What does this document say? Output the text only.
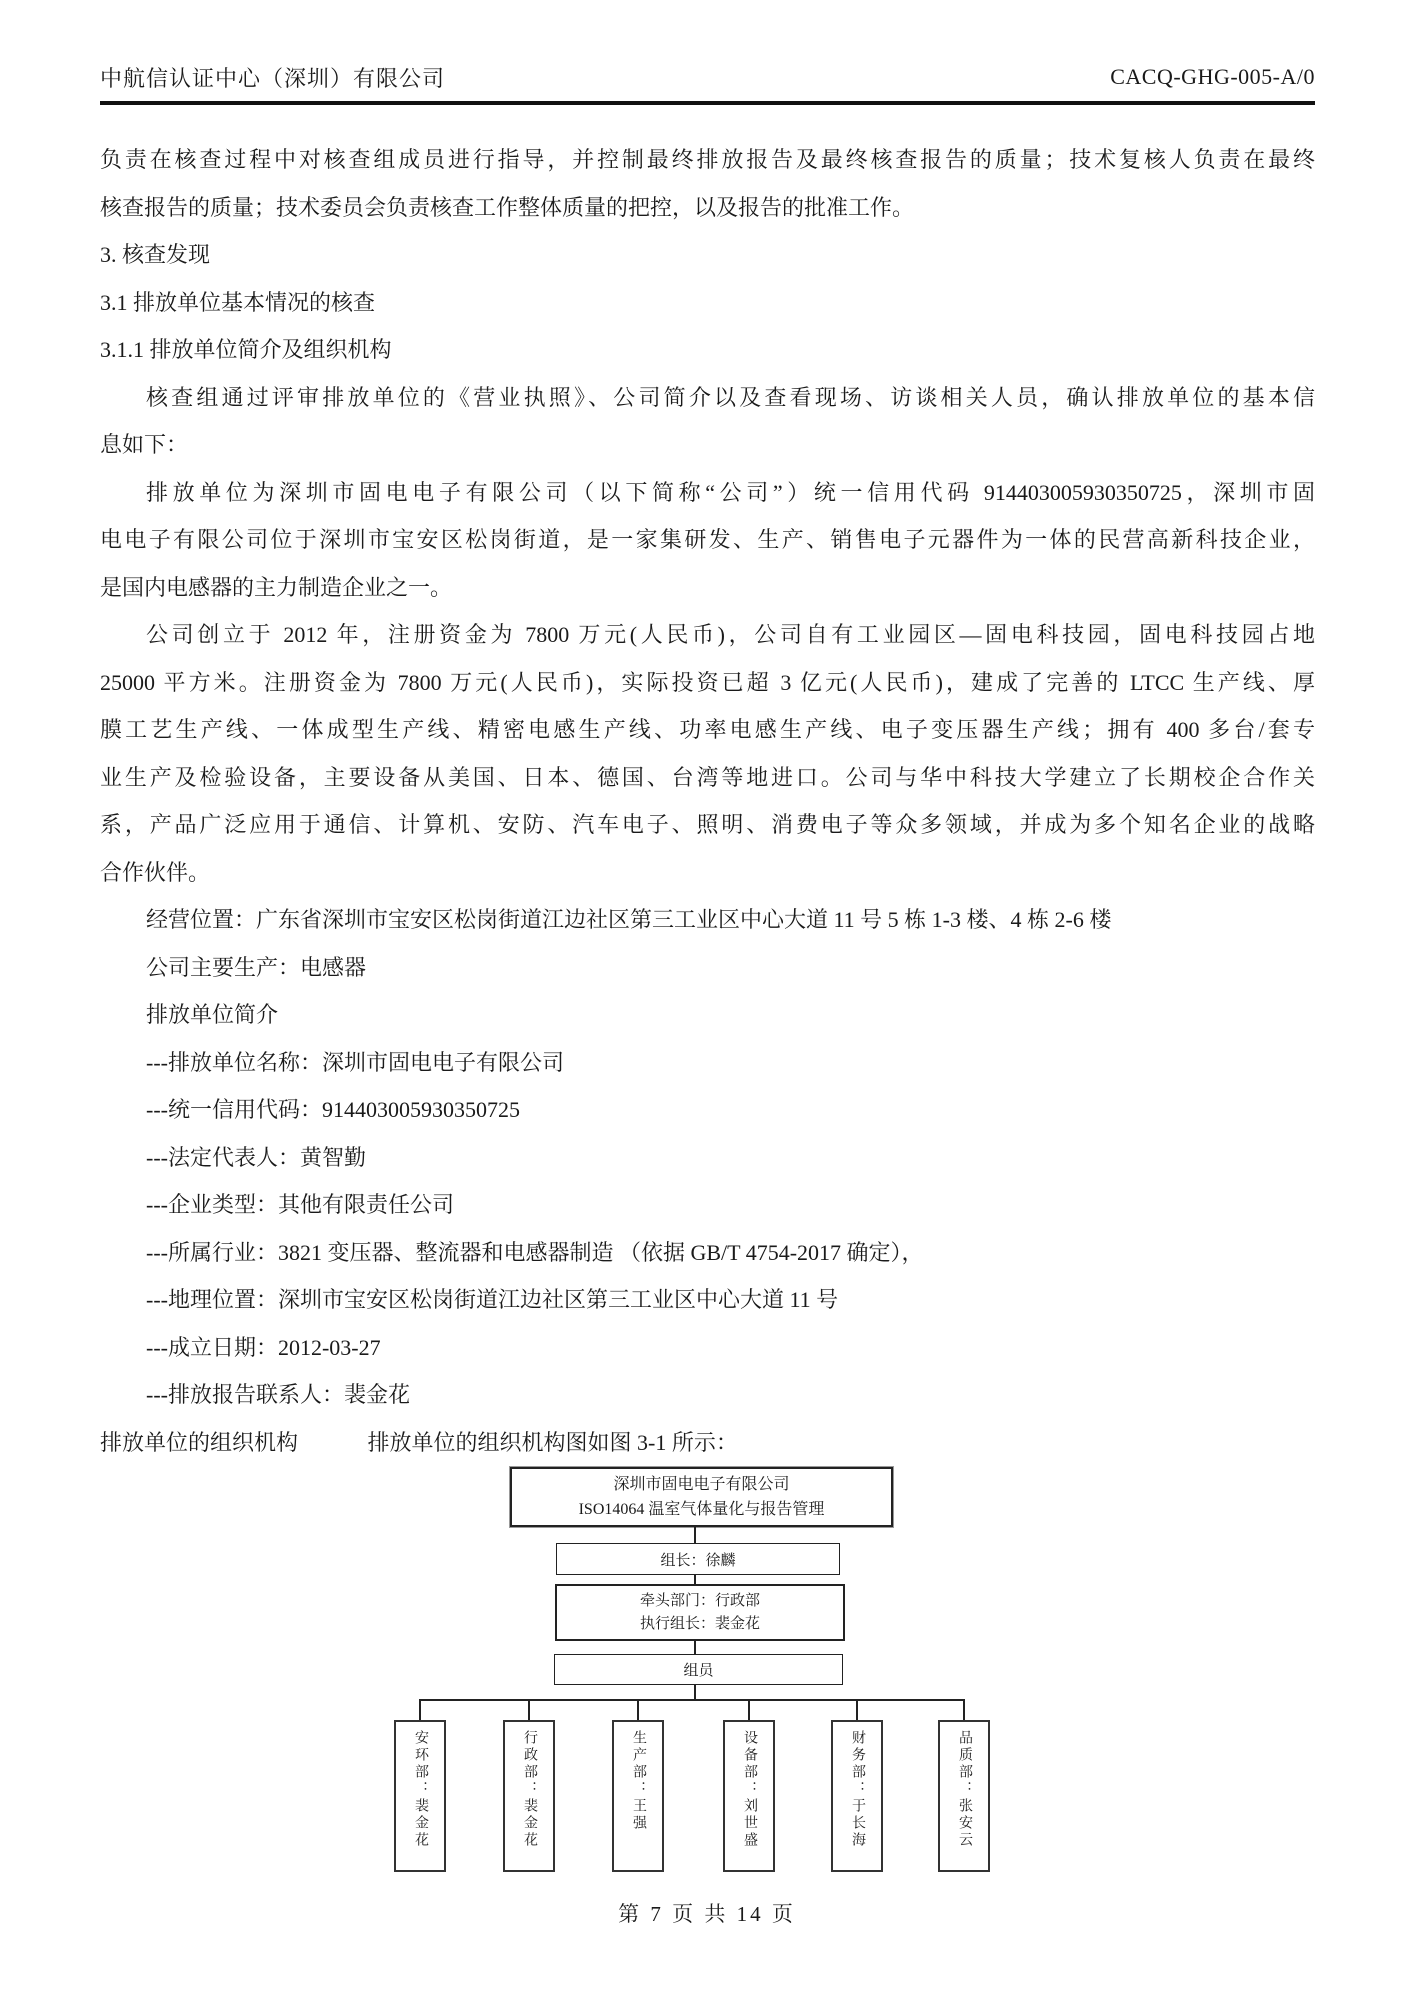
中航信认证中心（深圳）有限公司	CACQ-GHG-005-A/0
负责在核查过程中对核查组成员进行指导，并控制最终排放报告及最终核查报告的质量；技术复核人负责在最终
核查报告的质量；技术委员会负责核查工作整体质量的把控，以及报告的批准工作。
3. 核查发现
3.1 排放单位基本情况的核查
3.1.1 排放单位简介及组织机构
核查组通过评审排放单位的《营业执照》、公司简介以及查看现场、访谈相关人员，确认排放单位的基本信
息如下：
排放单位为深圳市固电电子有限公司（以下简称“公司”）统一信用代码 914403005930350725，深圳市固
电电子有限公司位于深圳市宝安区松岗街道，是一家集研发、生产、销售电子元器件为一体的民营高新科技企业，
是国内电感器的主力制造企业之一。
公司创立于 2012 年，注册资金为 7800 万元(人民币)，公司自有工业园区—固电科技园，固电科技园占地
25000 平方米。注册资金为 7800 万元(人民币)，实际投资已超 3 亿元(人民币)，建成了完善的 LTCC 生产线、厚
膜工艺生产线、一体成型生产线、精密电感生产线、功率电感生产线、电子变压器生产线；拥有 400 多台/套专
业生产及检验设备，主要设备从美国、日本、德国、台湾等地进口。公司与华中科技大学建立了长期校企合作关
系，产品广泛应用于通信、计算机、安防、汽车电子、照明、消费电子等众多领域，并成为多个知名企业的战略
合作伙伴。
经营位置：广东省深圳市宝安区松岗街道江边社区第三工业区中心大道 11 号 5 栋 1-3 楼、4 栋 2-6 楼
公司主要生产：电感器
排放单位简介
---排放单位名称：深圳市固电电子有限公司
---统一信用代码：914403005930350725
---法定代表人：黄智勤
---企业类型：其他有限责任公司
---所属行业：3821 变压器、整流器和电感器制造 （依据 GB/T 4754-2017 确定），
---地理位置：深圳市宝安区松岗街道江边社区第三工业区中心大道 11 号
---成立日期：2012-03-27
---排放报告联系人：裴金花
排放单位的组织机构	排放单位的组织机构图如图 3-1 所示：
深圳市固电电子有限公司
ISO14064 温室气体量化与报告管理
组长：徐麟
牵头部门：行政部
执行组长：裴金花
组员
安环部：裴金花	行政部：裴金花	生产部：王强	设备部：刘世盛	财务部：于长海	品质部：张安云
第 7 页 共 14 页
